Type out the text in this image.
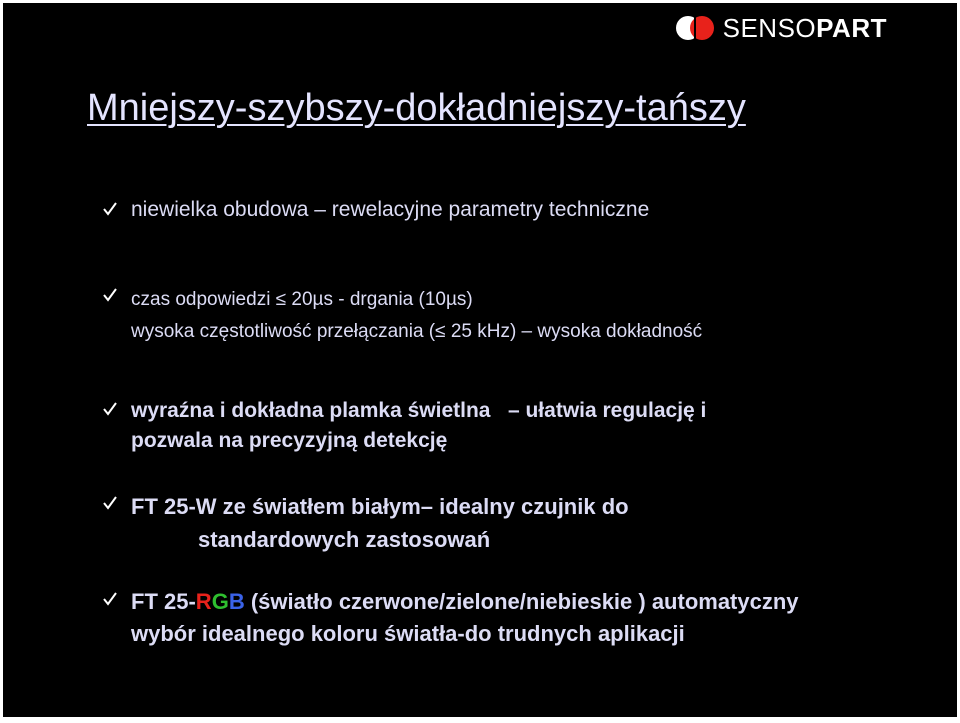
SENSOPART
Mniejszy-szybszy-dokładniejszy-tańszy
niewielka obudowa – rewelacyjne parametry techniczne
czas odpowiedzi ≤ 20µs - drgania (10µs)
wysoka częstotliwość przełączania (≤ 25 kHz) – wysoka dokładność
wyraźna i dokładna plamka świetlna   – ułatwia regulację i
pozwala na precyzyjną detekcję
FT 25-W ze światłem białym– idealny czujnik do
standardowych zastosowań
FT 25-RGB (światło czerwone/zielone/niebieskie ) automatyczny
wybór idealnego koloru światła-do trudnych aplikacji
